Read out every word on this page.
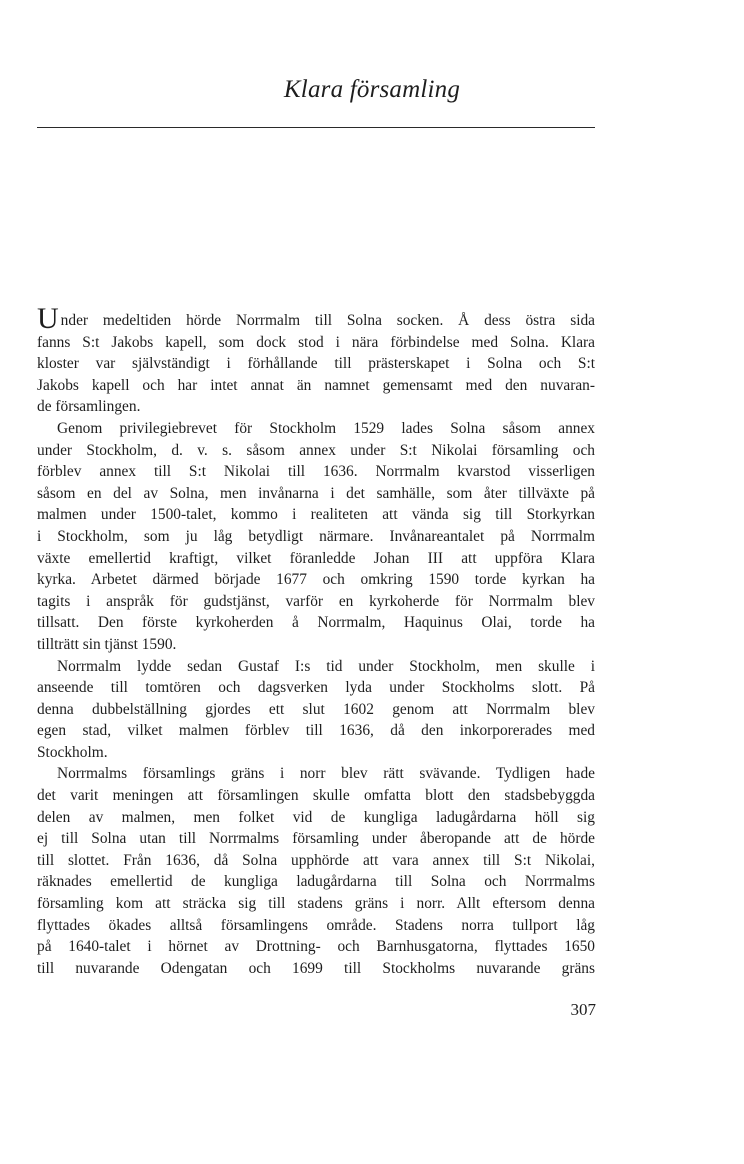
Klara församling
Under medeltiden hörde Norrmalm till Solna socken. Å dess östra sida
fanns S:t Jakobs kapell, som dock stod i nära förbindelse med Solna. Klara
kloster var självständigt i förhållande till prästerskapet i Solna och S:t
Jakobs kapell och har intet annat än namnet gemensamt med den nuvaran-
de församlingen.
Genom privilegiebrevet för Stockholm 1529 lades Solna såsom annex
under Stockholm, d. v. s. såsom annex under S:t Nikolai församling och
förblev annex till S:t Nikolai till 1636. Norrmalm kvarstod visserligen
såsom en del av Solna, men invånarna i det samhälle, som åter tillväxte på
malmen under 1500-talet, kommo i realiteten att vända sig till Storkyrkan
i Stockholm, som ju låg betydligt närmare. Invånareantalet på Norrmalm
växte emellertid kraftigt, vilket föranledde Johan III att uppföra Klara
kyrka. Arbetet därmed började 1677 och omkring 1590 torde kyrkan ha
tagits i anspråk för gudstjänst, varför en kyrkoherde för Norrmalm blev
tillsatt. Den förste kyrkoherden å Norrmalm, Haquinus Olai, torde ha
tillträtt sin tjänst 1590.
Norrmalm lydde sedan Gustaf I:s tid under Stockholm, men skulle i
anseende till tomtören och dagsverken lyda under Stockholms slott. På
denna dubbelställning gjordes ett slut 1602 genom att Norrmalm blev
egen stad, vilket malmen förblev till 1636, då den inkorporerades med
Stockholm.
Norrmalms församlings gräns i norr blev rätt svävande. Tydligen hade
det varit meningen att församlingen skulle omfatta blott den stadsbebyggda
delen av malmen, men folket vid de kungliga ladugårdarna höll sig
ej till Solna utan till Norrmalms församling under åberopande att de hörde
till slottet. Från 1636, då Solna upphörde att vara annex till S:t Nikolai,
räknades emellertid de kungliga ladugårdarna till Solna och Norrmalms
församling kom att sträcka sig till stadens gräns i norr. Allt eftersom denna
flyttades ökades alltså församlingens område. Stadens norra tullport låg
på 1640-talet i hörnet av Drottning- och Barnhusgatorna, flyttades 1650
till nuvarande Odengatan och 1699 till Stockholms nuvarande gräns
307
